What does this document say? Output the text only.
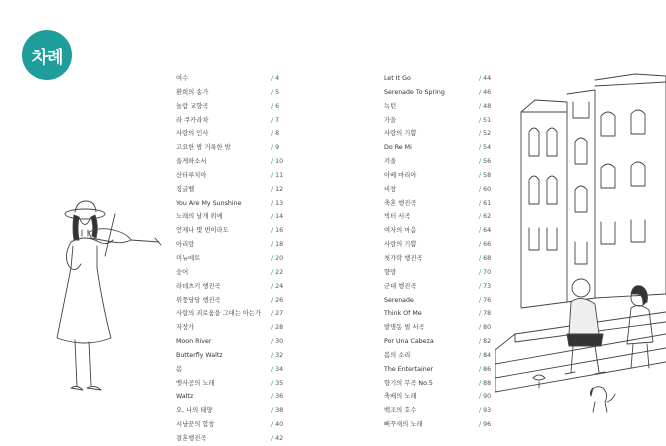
차례
여수	/ 4
환희의 송가	/ 5
놀람 교향곡	/ 6
라 쿠카라차	/ 7
사랑의 인사	/ 8
고요한 밤 거룩한 밤	/ 9
울게하소서	/ 10
산타루치아	/ 11
징글벨	/ 12
You Are My Sunshine	/ 13
노래의 날개 위에	/ 14
언제나 몇 번이라도	/ 16
아리랑	/ 18
미뉴에트	/ 20
숭어	/ 22
라데츠키 행진곡	/ 24
위풍당당 행진곡	/ 26
사랑의 괴로움을 그대는 아는가 / 27
자장가	/ 28
Moon River	/ 30
Butterfly Waltz	/ 32
봄	/ 34
뱃사공의 노래	/ 35
Waltz	/ 36
오, 나의 태양	/ 38
시냥꾼의 합창	/ 40
결혼행진곡	/ 42
Let It Go	/ 44
Serenade To Spring	/ 46
녹턴	/ 48
가을	/ 51
사랑의 기쁨	/ 52
Do Re Mi	/ 54
겨울	/ 56
아베 마리아	/ 58
비창	/ 60
축혼 행진곡	/ 61
빅터 서곡	/ 62
여자의 마음	/ 64
사랑의 기쁨	/ 66
첫가락 행진곡	/ 68
향망	/ 70
군대 행진곡	/ 73
Serenade	/ 76
Think Of Me	/ 78
발명동 벌 서곡	/ 80
Por Una Cabeza	/ 82
봄의 소리	/ 84
The Entertainer	/ 86
향기의 무곡 No.5	/ 88
축배의 노래	/ 90
백조의 호수	/ 93
뻐꾸새의 노래	/ 96
